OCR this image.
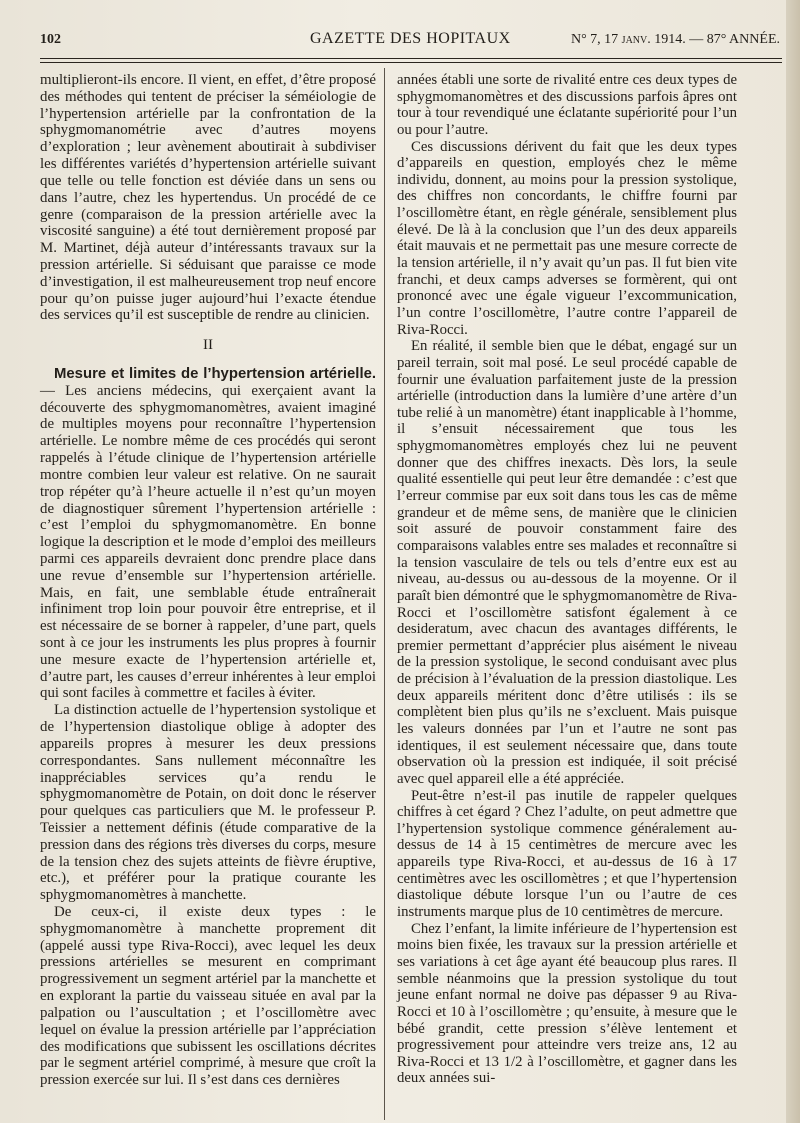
102	GAZETTE DES HOPITAUX	N° 7, 17 janv. 1914. — 87° ANNÉE.

multiplieront-ils encore. Il vient, en effet, d’être proposé des méthodes qui tentent de préciser la séméiologie de l’hypertension artérielle par la confrontation de la sphygmomanométrie avec d’autres moyens d’exploration ; leur avènement aboutirait à subdiviser les différentes variétés d’hypertension artérielle suivant que telle ou telle fonction est déviée dans un sens ou dans l’autre, chez les hypertendus. Un procédé de ce genre (comparaison de la pression artérielle avec la viscosité sanguine) a été tout dernièrement proposé par M. Martinet, déjà auteur d’intéressants travaux sur la pression artérielle. Si séduisant que paraisse ce mode d’investigation, il est malheureusement trop neuf encore pour qu’on puisse juger aujourd’hui l’exacte étendue des services qu’il est susceptible de rendre au clinicien.

II

Mesure et limites de l’hypertension artérielle. — Les anciens médecins, qui exerçaient avant la découverte des sphygmomanomètres, avaient imaginé de multiples moyens pour reconnaître l’hypertension artérielle. Le nombre même de ces procédés qui seront rappelés à l’étude clinique de l’hypertension artérielle montre combien leur valeur est relative. On ne saurait trop répéter qu’à l’heure actuelle il n’est qu’un moyen de diagnostiquer sûrement l’hypertension artérielle : c’est l’emploi du sphygmomanomètre. En bonne logique la description et le mode d’emploi des meilleurs parmi ces appareils devraient donc prendre place dans une revue d’ensemble sur l’hypertension artérielle. Mais, en fait, une semblable étude entraînerait infiniment trop loin pour pouvoir être entreprise, et il est nécessaire de se borner à rappeler, d’une part, quels sont à ce jour les instruments les plus propres à fournir une mesure exacte de l’hypertension artérielle et, d’autre part, les causes d’erreur inhérentes à leur emploi qui sont faciles à commettre et faciles à éviter.

La distinction actuelle de l’hypertension systolique et de l’hypertension diastolique oblige à adopter des appareils propres à mesurer les deux pressions correspondantes. Sans nullement méconnaître les inappréciables services qu’a rendu le sphygmomanomètre de Potain, on doit donc le réserver pour quelques cas particuliers que M. le professeur P. Teissier a nettement définis (étude comparative de la pression dans des régions très diverses du corps, mesure de la tension chez des sujets atteints de fièvre éruptive, etc.), et préférer pour la pratique courante les sphygmomanomètres à manchette.

De ceux-ci, il existe deux types : le sphygmomanomètre à manchette proprement dit (appelé aussi type Riva-Rocci), avec lequel les deux pressions artérielles se mesurent en comprimant progressivement un segment artériel par la manchette et en explorant la partie du vaisseau située en aval par la palpation ou l’auscultation ; et l’oscillomètre avec lequel on évalue la pression artérielle par l’appréciation des modifications que subissent les oscillations décrites par le segment artériel comprimé, à mesure que croît la pression exercée sur lui. Il s’est dans ces dernières

années établi une sorte de rivalité entre ces deux types de sphygmomanomètres et des discussions parfois âpres ont tour à tour revendiqué une éclatante supériorité pour l’un ou pour l’autre.

Ces discussions dérivent du fait que les deux types d’appareils en question, employés chez le même individu, donnent, au moins pour la pression systolique, des chiffres non concordants, le chiffre fourni par l’oscillomètre étant, en règle générale, sensiblement plus élevé. De là à la conclusion que l’un des deux appareils était mauvais et ne permettait pas une mesure correcte de la tension artérielle, il n’y avait qu’un pas. Il fut bien vite franchi, et deux camps adverses se formèrent, qui ont prononcé avec une égale vigueur l’excommunication, l’un contre l’oscillomètre, l’autre contre l’appareil de Riva-Rocci.

En réalité, il semble bien que le débat, engagé sur un pareil terrain, soit mal posé. Le seul procédé capable de fournir une évaluation parfaitement juste de la pression artérielle (introduction dans la lumière d’une artère d’un tube relié à un manomètre) étant inapplicable à l’homme, il s’ensuit nécessairement que tous les sphygmomanomètres employés chez lui ne peuvent donner que des chiffres inexacts. Dès lors, la seule qualité essentielle qui peut leur être demandée : c’est que l’erreur commise par eux soit dans tous les cas de même grandeur et de même sens, de manière que le clinicien soit assuré de pouvoir constamment faire des comparaisons valables entre ses malades et reconnaître si la tension vasculaire de tels ou tels d’entre eux est au niveau, au-dessus ou au-dessous de la moyenne. Or il paraît bien démontré que le sphygmomanomètre de Riva-Rocci et l’oscillomètre satisfont également à ce desideratum, avec chacun des avantages différents, le premier permettant d’apprécier plus aisément le niveau de la pression systolique, le second conduisant avec plus de précision à l’évaluation de la pression diastolique. Les deux appareils méritent donc d’être utilisés : ils se complètent bien plus qu’ils ne s’excluent. Mais puisque les valeurs données par l’un et l’autre ne sont pas identiques, il est seulement nécessaire que, dans toute observation où la pression est indiquée, il soit précisé avec quel appareil elle a été appréciée.

Peut-être n’est-il pas inutile de rappeler quelques chiffres à cet égard ? Chez l’adulte, on peut admettre que l’hypertension systolique commence généralement au-dessus de 14 à 15 centimètres de mercure avec les appareils type Riva-Rocci, et au-dessus de 16 à 17 centimètres avec les oscillomètres ; et que l’hypertension diastolique débute lorsque l’un ou l’autre de ces instruments marque plus de 10 centimètres de mercure.

Chez l’enfant, la limite inférieure de l’hypertension est moins bien fixée, les travaux sur la pression artérielle et ses variations à cet âge ayant été beaucoup plus rares. Il semble néanmoins que la pression systolique du tout jeune enfant normal ne doive pas dépasser 9 au Riva-Rocci et 10 à l’oscillomètre ; qu’ensuite, à mesure que le bébé grandit, cette pression s’élève lentement et progressivement pour atteindre vers treize ans, 12 au Riva-Rocci et 13 1/2 à l’oscillomètre, et gagner dans les deux années sui-
